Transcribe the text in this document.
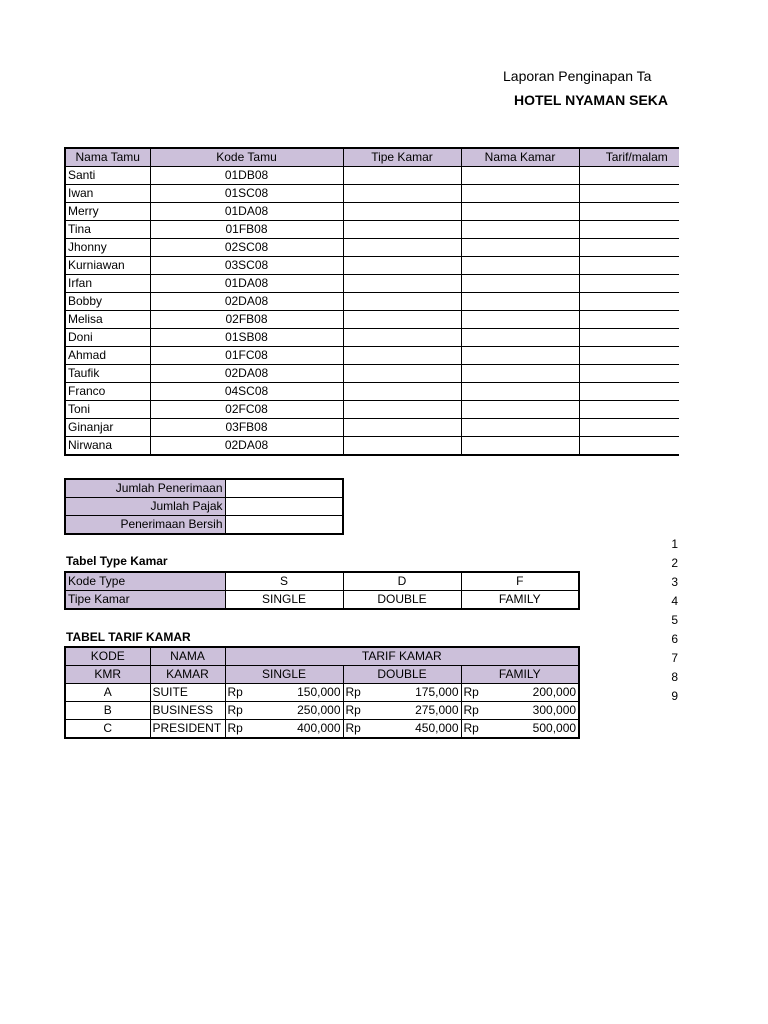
Laporan Penginapan Ta
HOTEL NYAMAN SEKA
Nama Tamu	Kode Tamu	Tipe Kamar	Nama Kamar	Tarif/malam
Santi	01DB08			
Iwan	01SC08			
Merry	01DA08			
Tina	01FB08			
Jhonny	02SC08			
Kurniawan	03SC08			
Irfan	01DA08			
Bobby	02DA08			
Melisa	02FB08			
Doni	01SB08			
Ahmad	01FC08			
Taufik	02DA08			
Franco	04SC08			
Toni	02FC08			
Ginanjar	03FB08			
Nirwana	02DA08			
Jumlah Penerimaan	
Jumlah Pajak	
Penerimaan Bersih	
Tabel Type Kamar
Kode Type	S	D	F
Tipe Kamar	SINGLE	DOUBLE	FAMILY
TABEL TARIF KAMAR
KODE	NAMA	TARIF KAMAR					
KMR	KAMAR	SINGLE		DOUBLE		FAMILY	
A	SUITE	Rp	150,000	Rp	175,000	Rp	200,000
B	BUSINESS	Rp	250,000	Rp	275,000	Rp	300,000
C	PRESIDENT	Rp	400,000	Rp	450,000	Rp	500,000
1
2
3
4
5
6
7
8
9
